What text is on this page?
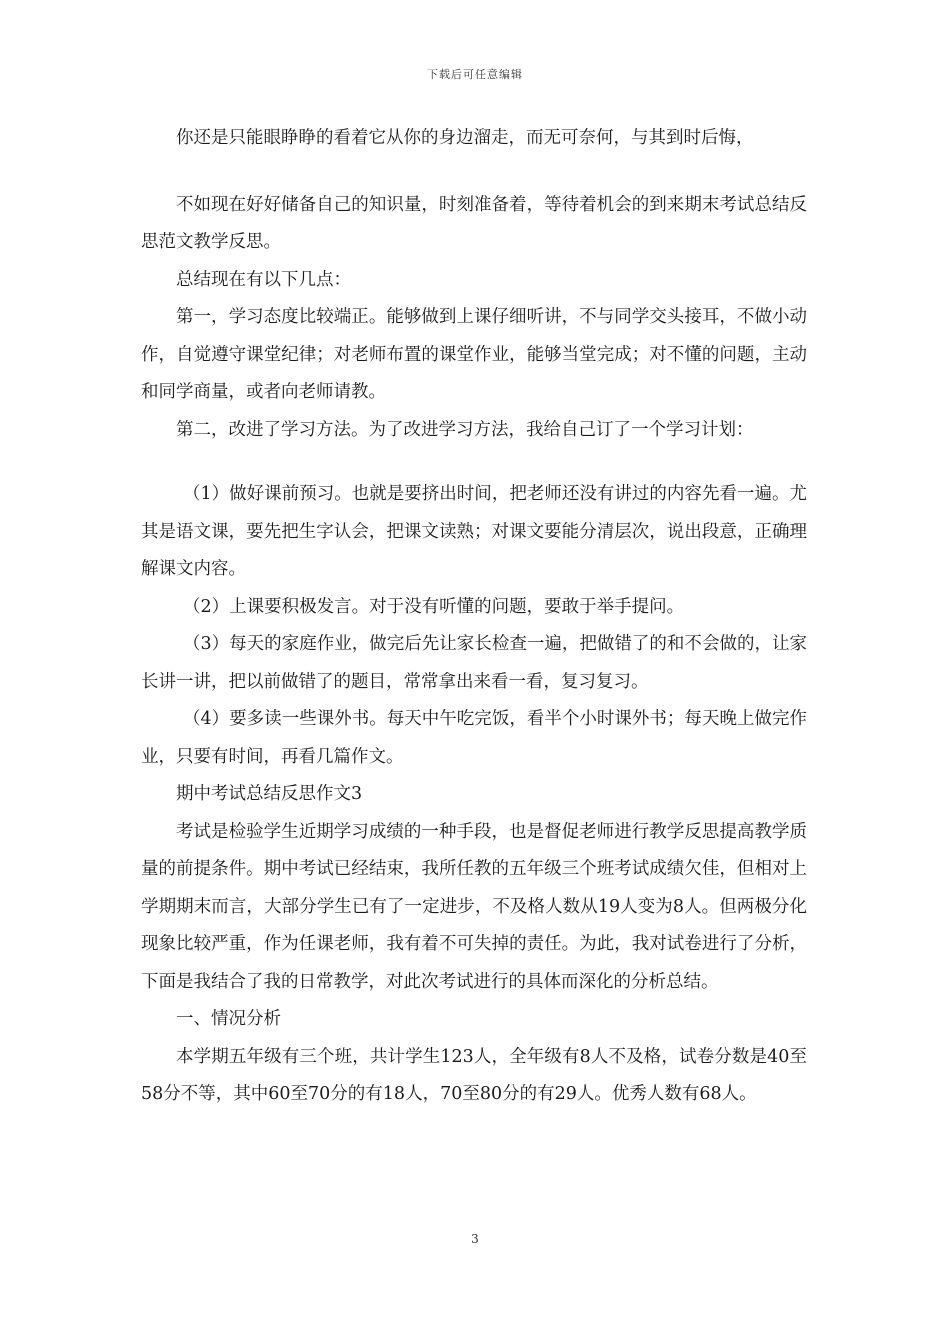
下载后可任意编辑

你还是只能眼睁睁的看着它从你的身边溜走，而无可奈何，与其到时后悔，

不如现在好好储备自己的知识量，时刻准备着，等待着机会的到来期末考试总结反思范文教学反思。

总结现在有以下几点：

第一，学习态度比较端正。能够做到上课仔细听讲，不与同学交头接耳，不做小动作，自觉遵守课堂纪律；对老师布置的课堂作业，能够当堂完成；对不懂的问题，主动和同学商量，或者向老师请教。

第二，改进了学习方法。为了改进学习方法，我给自己订了一个学习计划：

（1）做好课前预习。也就是要挤出时间，把老师还没有讲过的内容先看一遍。尤其是语文课，要先把生字认会，把课文读熟；对课文要能分清层次，说出段意，正确理解课文内容。

（2）上课要积极发言。对于没有听懂的问题，要敢于举手提问。

（3）每天的家庭作业，做完后先让家长检查一遍，把做错了的和不会做的，让家长讲一讲，把以前做错了的题目，常常拿出来看一看，复习复习。

（4）要多读一些课外书。每天中午吃完饭，看半个小时课外书；每天晚上做完作业，只要有时间，再看几篇作文。

期中考试总结反思作文3

考试是检验学生近期学习成绩的一种手段，也是督促老师进行教学反思提高教学质量的前提条件。期中考试已经结束，我所任教的五年级三个班考试成绩欠佳，但相对上学期期末而言，大部分学生已有了一定进步，不及格人数从19人变为8人。但两极分化现象比较严重，作为任课老师，我有着不可失掉的责任。为此，我对试卷进行了分析，下面是我结合了我的日常教学，对此次考试进行的具体而深化的分析总结。

一、情况分析

本学期五年级有三个班，共计学生123人，全年级有8人不及格，试卷分数是40至58分不等，其中60至70分的有18人，70至80分的有29人。优秀人数有68人。

3
